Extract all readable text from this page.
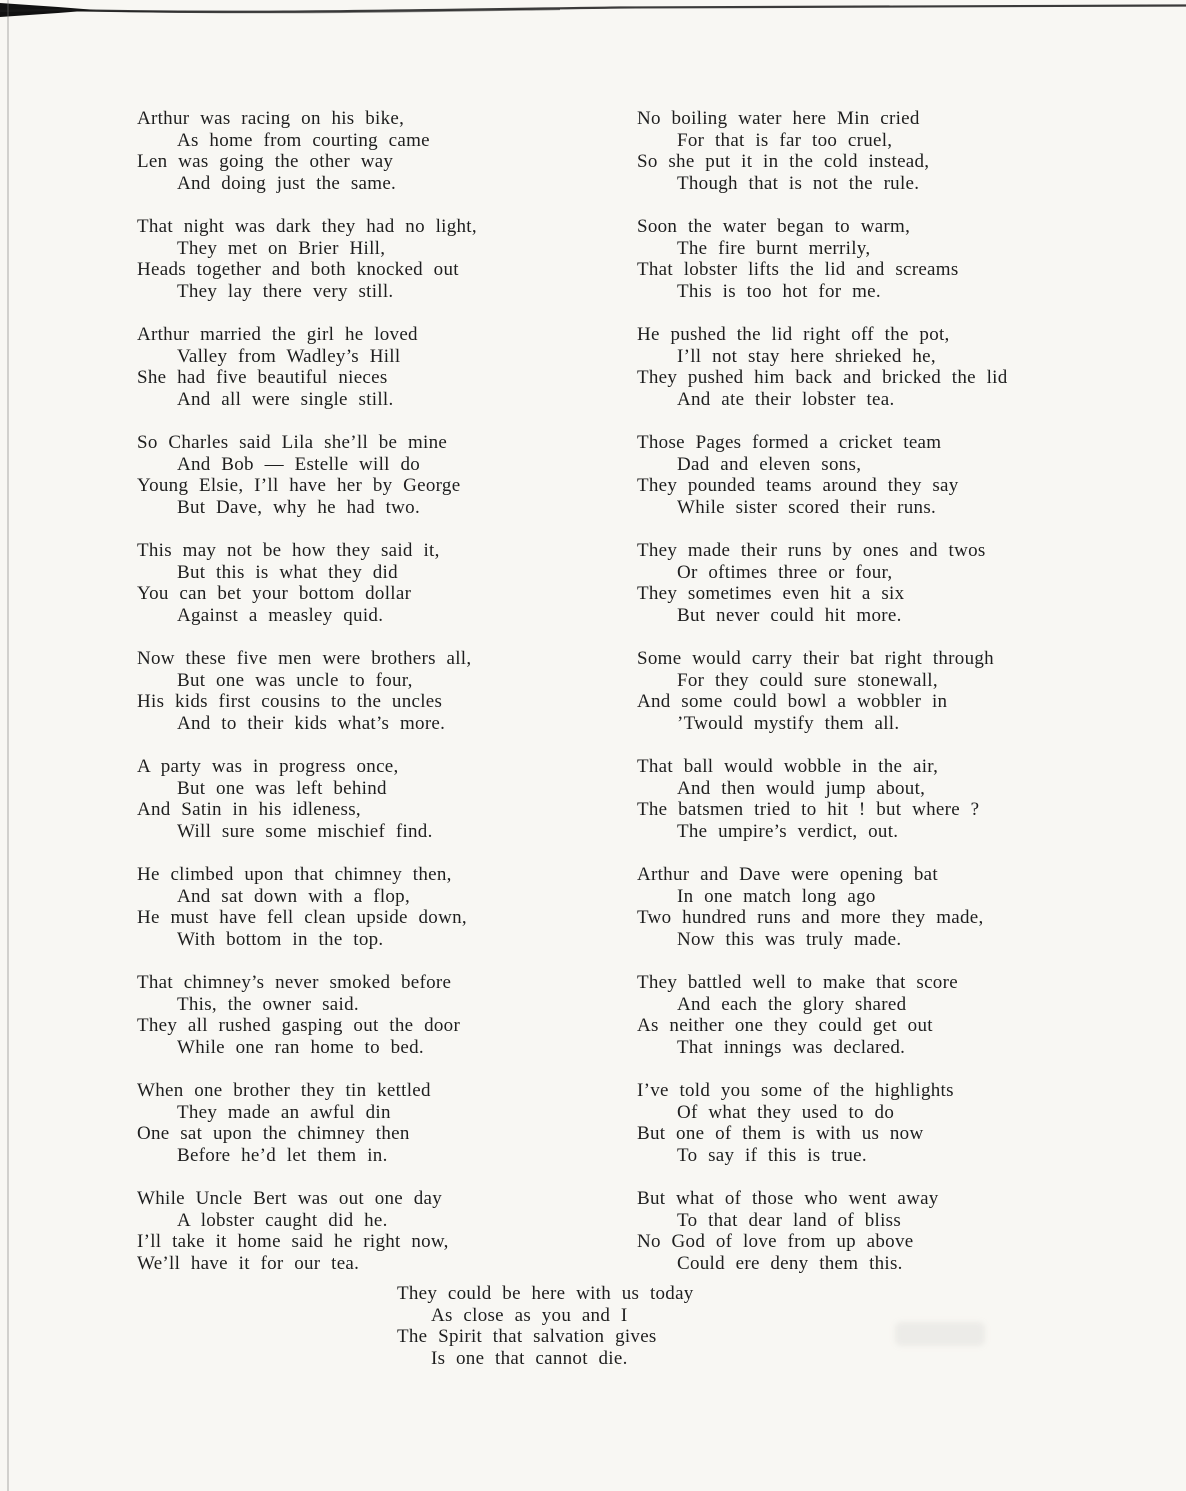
Arthur was racing on his bike,
As home from courting came
Len was going the other way
And doing just the same.
That night was dark they had no light,
They met on Brier Hill,
Heads together and both knocked out
They lay there very still.
Arthur married the girl he loved
Valley from Wadley’s Hill
She had five beautiful nieces
And all were single still.
So Charles said Lila she’ll be mine
And Bob — Estelle will do
Young Elsie, I’ll have her by George
But Dave, why he had two.
This may not be how they said it,
But this is what they did
You can bet your bottom dollar
Against a measley quid.
Now these five men were brothers all,
But one was uncle to four,
His kids first cousins to the uncles
And to their kids what’s more.
A party was in progress once,
But one was left behind
And Satin in his idleness,
Will sure some mischief find.
He climbed upon that chimney then,
And sat down with a flop,
He must have fell clean upside down,
With bottom in the top.
That chimney’s never smoked before
This, the owner said.
They all rushed gasping out the door
While one ran home to bed.
When one brother they tin kettled
They made an awful din
One sat upon the chimney then
Before he’d let them in.
While Uncle Bert was out one day
A lobster caught did he.
I’ll take it home said he right now,
We’ll have it for our tea.
No boiling water here Min cried
For that is far too cruel,
So she put it in the cold instead,
Though that is not the rule.
Soon the water began to warm,
The fire burnt merrily,
That lobster lifts the lid and screams
This is too hot for me.
He pushed the lid right off the pot,
I’ll not stay here shrieked he,
They pushed him back and bricked the lid
And ate their lobster tea.
Those Pages formed a cricket team
Dad and eleven sons,
They pounded teams around they say
While sister scored their runs.
They made their runs by ones and twos
Or oftimes three or four,
They sometimes even hit a six
But never could hit more.
Some would carry their bat right through
For they could sure stonewall,
And some could bowl a wobbler in
’Twould mystify them all.
That ball would wobble in the air,
And then would jump about,
The batsmen tried to hit ! but where ?
The umpire’s verdict, out.
Arthur and Dave were opening bat
In one match long ago
Two hundred runs and more they made,
Now this was truly made.
They battled well to make that score
And each the glory shared
As neither one they could get out
That innings was declared.
I’ve told you some of the highlights
Of what they used to do
But one of them is with us now
To say if this is true.
But what of those who went away
To that dear land of bliss
No God of love from up above
Could ere deny them this.
They could be here with us today
As close as you and I
The Spirit that salvation gives
Is one that cannot die.
